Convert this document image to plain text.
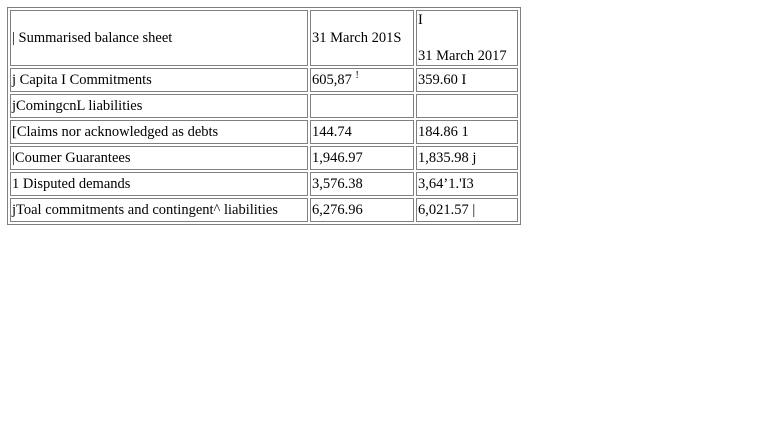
| Summarised balance sheet	31 March 201S	I
31 March 2017

j Capita I Commitments	605,87 !	359.60 I
jComingcnL liabilities		
[Claims nor acknowledged as debts	144.74	184.86 1
|Coumer Guarantees	1,946.97	1,835.98 j
1 Disputed demands	3,576.38	3,64’1.'I3
jToal commitments and contingent^ liabilities	6,276.96	6,021.57 |
